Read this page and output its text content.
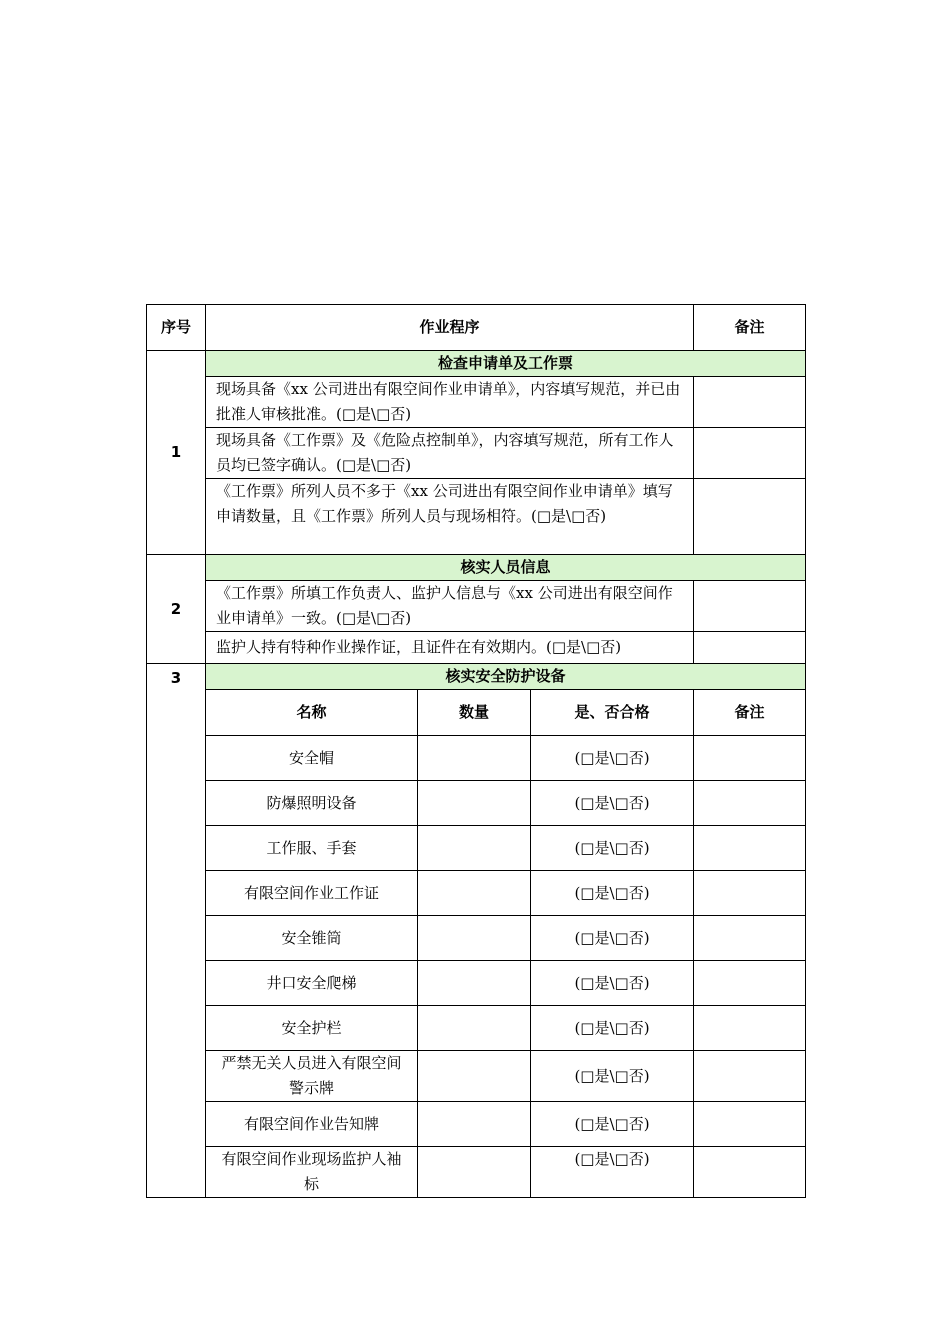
序号	作业程序			备注
1	检查申请单及工作票			
	现场具备《xx 公司进出有限空间作业申请单》，内容填写规范，并已由批准人审核批准。(□是\□否)			
	现场具备《工作票》及《危险点控制单》，内容填写规范，所有工作人员均已签字确认。(□是\□否)			
	《工作票》所列人员不多于《xx 公司进出有限空间作业申请单》填写申请数量，且《工作票》所列人员与现场相符。(□是\□否)			
2	核实人员信息			
	《工作票》所填工作负责人、监护人信息与《xx 公司进出有限空间作业申请单》一致。(□是\□否)			
	监护人持有特种作业操作证，且证件在有效期内。(□是\□否)			
3	核实安全防护设备			
	名称	数量	是、否合格	备注
	安全帽		(□是\□否)	
	防爆照明设备		(□是\□否)	
	工作服、手套		(□是\□否)	
	有限空间作业工作证		(□是\□否)	
	安全锥筒		(□是\□否)	
	井口安全爬梯		(□是\□否)	
	安全护栏		(□是\□否)	
	严禁无关人员进入有限空间警示牌		(□是\□否)	
	有限空间作业告知牌		(□是\□否)	
	有限空间作业现场监护人袖标		(□是\□否)	
